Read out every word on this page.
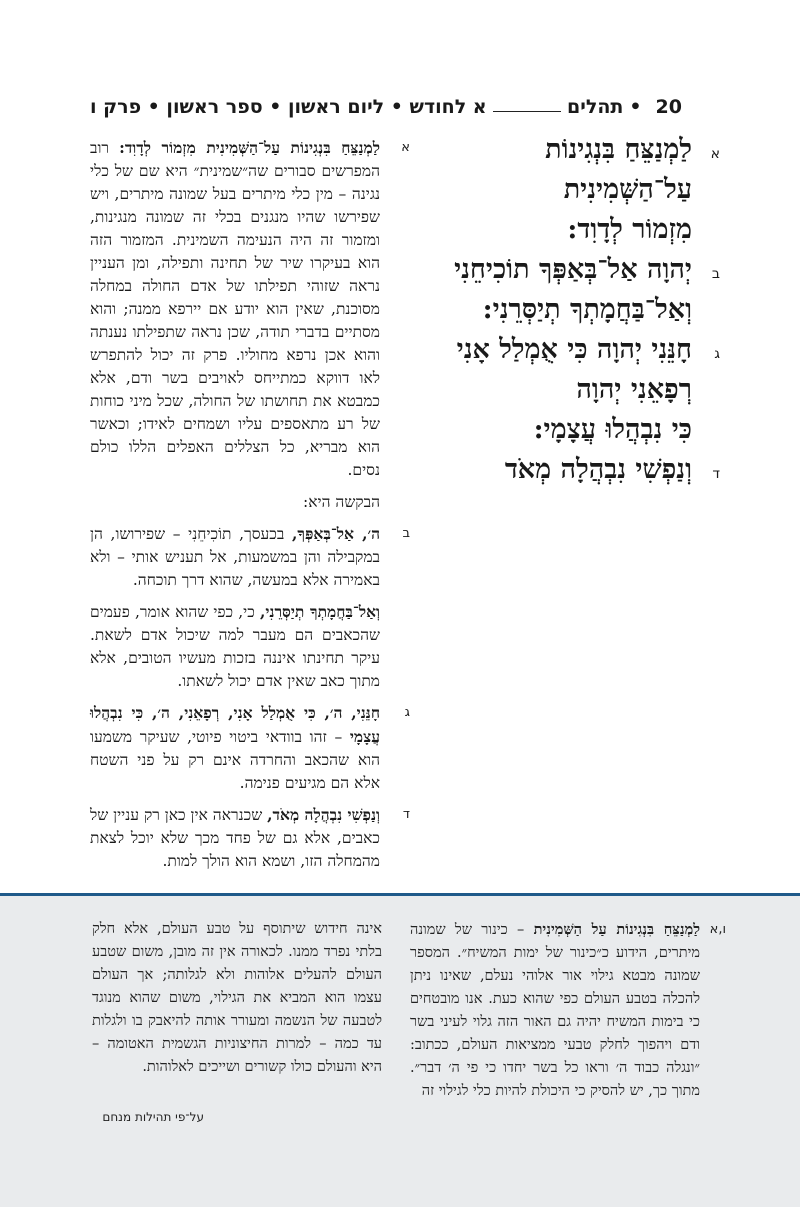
20
•
תהלים
א לחודש • ליום ראשון • ספר ראשון • פרק ו
א
לַמְנַצֵּחַ בִּנְגִינוֹת
עַל־הַשְּׁמִינִית
מִזְמוֹר לְדָוִד:
ב
יְהוָה אַל־בְּאַפְּךָ תוֹכִיחֵנִי
וְאַל־בַּחֲמָתְךָ תְיַסְּרֵנִי:
ג
חָנֵּנִי יְהוָה כִּי אֻמְלַל אָנִי
רְפָאֵנִי יְהוָה
כִּי נִבְהֲלוּ עֲצָמָי:
ד
וְנַפְשִׁי נִבְהֲלָה מְאֹד

א
לַמְנַצֵּחַ בִּנְגִינוֹת עַל־הַשְּׁמִינִית מִזְמוֹר לְדָוִד: רוב המפרשים סבורים שה״שמינית״ היא שם של כלי נגינה – מין כלי מיתרים בעל שמונה מיתרים, ויש שפירשו שהיו מנגנים בכלי זה שמונה מנגינות, ומזמור זה היה הנעימה השמינית. המזמור הזה הוא בעיקרו שיר של תחינה ותפילה, ומן העניין נראה שזוהי תפילתו של אדם החולה במחלה מסוכנת, שאין הוא יודע אם יירפא ממנה; והוא מסתיים בדברי תודה, שכן נראה שתפילתו נענתה והוא אכן נרפא מחוליו. פרק זה יכול להתפרש לאו דווקא כמתייחס לאויבים בשר ודם, אלא כמבטא את תחושתו של החולה, שכל מיני כוחות של רע מתאספים עליו ושמחים לאידו; וכאשר הוא מבריא, כל הצללים האפלים הללו כולם נסים.

הבקשה היא:

ב
ה׳, אַל־בְּאַפְּךָ, בכעסך, תוֹכִיחֵנִי – שפירושו, הן במקבילה והן במשמעות, אל תעניש אותי – ולא באמירה אלא במעשה, שהוא דרך תוכחה.

וְאַל־בַּחֲמָתְךָ תְיַסְּרֵנִי, כי, כפי שהוא אומר, פעמים שהכאבים הם מעבר למה שיכול אדם לשאת. עיקר תחינתו איננה בזכות מעשיו הטובים, אלא מתוך כאב שאין אדם יכול לשאתו.

ג
חָנֵּנִי, ה׳, כִּי אֻמְלַל אָנִי, רְפָאֵנִי, ה׳, כִּי נִבְהֲלוּ עֲצָמָי – זהו בוודאי ביטוי פיוטי, שעיקר משמעו הוא שהכאב והחרדה אינם רק על פני השטח אלא הם מגיעים פנימה.

ד
וְנַפְשִׁי נִבְהֲלָה מְאֹד, שכנראה אין כאן רק עניין של כאבים, אלא גם של פחד מכך שלא יוכל לצאת מהמחלה הזו, ושמא הוא הולך למות.

ו,א
לַמְנַצֵּחַ בִּנְגִינוֹת עַל הַשְּׁמִינִית – כינור של שמונה מיתרים, הידוע כ״כינור של ימות המשיח״. המספר שמונה מבטא גילוי אור אלוהי נעלם, שאינו ניתן להכלה בטבע העולם כפי שהוא כעת. אנו מובטחים כי בימות המשיח יהיה גם האור הזה גלוי לעיני בשר ודם ויהפוך לחלק טבעי ממציאות העולם, ככתוב: ״ונגלה כבוד ה׳ וראו כל בשר יחדו כי פי ה׳ דבר״. מתוך כך, יש להסיק כי היכולת להיות כלי לגילוי זה
אינה חידוש שיתוסף על טבע העולם, אלא חלק בלתי נפרד ממנו. לכאורה אין זה מובן, משום שטבע העולם להעלים אלוהות ולא לגלותה; אך העולם עצמו הוא המביא את הגילוי, משום שהוא מנוגד לטבעה של הנשמה ומעורר אותה להיאבק בו ולגלות עד כמה – למרות החיצוניות הגשמית האטומה – היא והעולם כולו קשורים ושייכים לאלוהות.
על־פי תהילות מנחם
